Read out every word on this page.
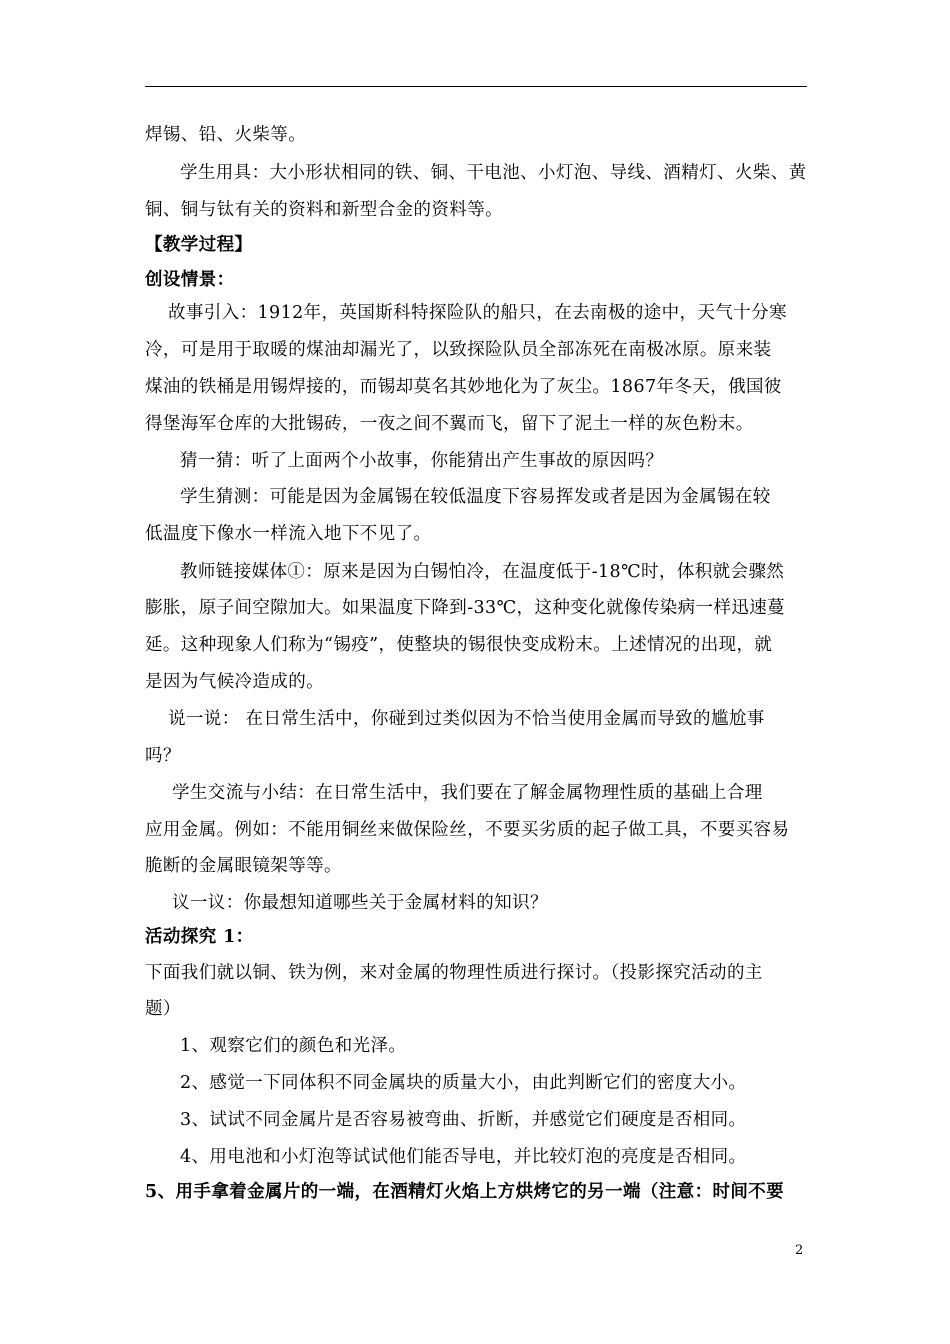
焊锡、铅、火柴等。
学生用具：大小形状相同的铁、铜、干电池、小灯泡、导线、酒精灯、火柴、黄
铜、铜与钛有关的资料和新型合金的资料等。
【教学过程】
创设情景：
故事引入：1912年，英国斯科特探险队的船只，在去南极的途中，天气十分寒
冷，可是用于取暖的煤油却漏光了，以致探险队员全部冻死在南极冰原。原来装
煤油的铁桶是用锡焊接的，而锡却莫名其妙地化为了灰尘。1867年冬天，俄国彼
得堡海军仓库的大批锡砖，一夜之间不翼而飞，留下了泥土一样的灰色粉末。
猜一猜：听了上面两个小故事，你能猜出产生事故的原因吗？
学生猜测：可能是因为金属锡在较低温度下容易挥发或者是因为金属锡在较
低温度下像水一样流入地下不见了。
教师链接媒体①：原来是因为白锡怕冷，在温度低于-18℃时，体积就会骤然
膨胀，原子间空隙加大。如果温度下降到-33℃，这种变化就像传染病一样迅速蔓
延。这种现象人们称为“锡疫”，使整块的锡很快变成粉末。上述情况的出现，就
是因为气候冷造成的。
说一说： 在日常生活中，你碰到过类似因为不恰当使用金属而导致的尴尬事
吗？
学生交流与小结：在日常生活中，我们要在了解金属物理性质的基础上合理
应用金属。例如：不能用铜丝来做保险丝，不要买劣质的起子做工具，不要买容易
脆断的金属眼镜架等等。
议一议：你最想知道哪些关于金属材料的知识？
活动探究 1：
下面我们就以铜、铁为例，来对金属的物理性质进行探讨。（投影探究活动的主
题）
1、观察它们的颜色和光泽。
2、感觉一下同体积不同金属块的质量大小，由此判断它们的密度大小。
3、试试不同金属片是否容易被弯曲、折断，并感觉它们硬度是否相同。
4、用电池和小灯泡等试试他们能否导电，并比较灯泡的亮度是否相同。
5、用手拿着金属片的一端，在酒精灯火焰上方烘烤它的另一端（注意：时间不要
2
